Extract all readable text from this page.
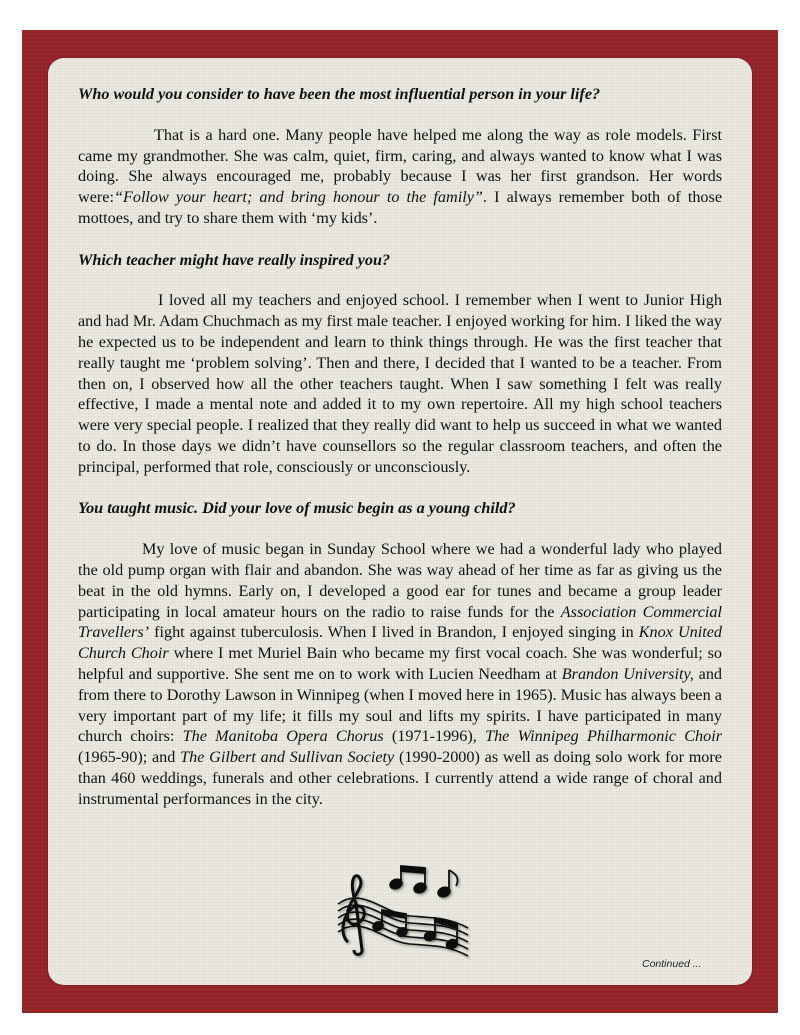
Who would you consider to have been the most influential person in your life?
That is a hard one. Many people have helped me along the way as role models. First came my grandmother. She was calm, quiet, firm, caring, and always wanted to know what I was doing. She always encouraged me, probably because I was her first grandson. Her words were:“Follow your heart; and bring honour to the family”. I always remember both of those mottoes, and try to share them with ‘my kids’.
Which teacher might have really inspired you?
I loved all my teachers and enjoyed school. I remember when I went to Junior High and had Mr. Adam Chuchmach as my first male teacher. I enjoyed working for him. I liked the way he expected us to be independent and learn to think things through. He was the first teacher that really taught me ‘problem solving’. Then and there, I decided that I wanted to be a teacher. From then on, I observed how all the other teachers taught. When I saw something I felt was really effective, I made a mental note and added it to my own repertoire. All my high school teachers were very special people. I realized that they really did want to help us succeed in what we wanted to do. In those days we didn’t have counsellors so the regular classroom teachers, and often the principal, performed that role, consciously or unconsciously.
You taught music. Did your love of music begin as a young child?
My love of music began in Sunday School where we had a wonderful lady who played the old pump organ with flair and abandon. She was way ahead of her time as far as giving us the beat in the old hymns. Early on, I developed a good ear for tunes and became a group leader participating in local amateur hours on the radio to raise funds for the Association Commercial Travellers’ fight against tuberculosis. When I lived in Brandon, I enjoyed singing in Knox United Church Choir where I met Muriel Bain who became my first vocal coach. She was wonderful; so helpful and supportive. She sent me on to work with Lucien Needham at Brandon University, and from there to Dorothy Lawson in Winnipeg (when I moved here in 1965). Music has always been a very important part of my life; it fills my soul and lifts my spirits. I have participated in many church choirs: The Manitoba Opera Chorus (1971-1996), The Winnipeg Philharmonic Choir (1965-90); and The Gilbert and Sullivan Society (1990-2000) as well as doing solo work for more than 460 weddings, funerals and other celebrations. I currently attend a wide range of choral and instrumental performances in the city.
Continued ...
